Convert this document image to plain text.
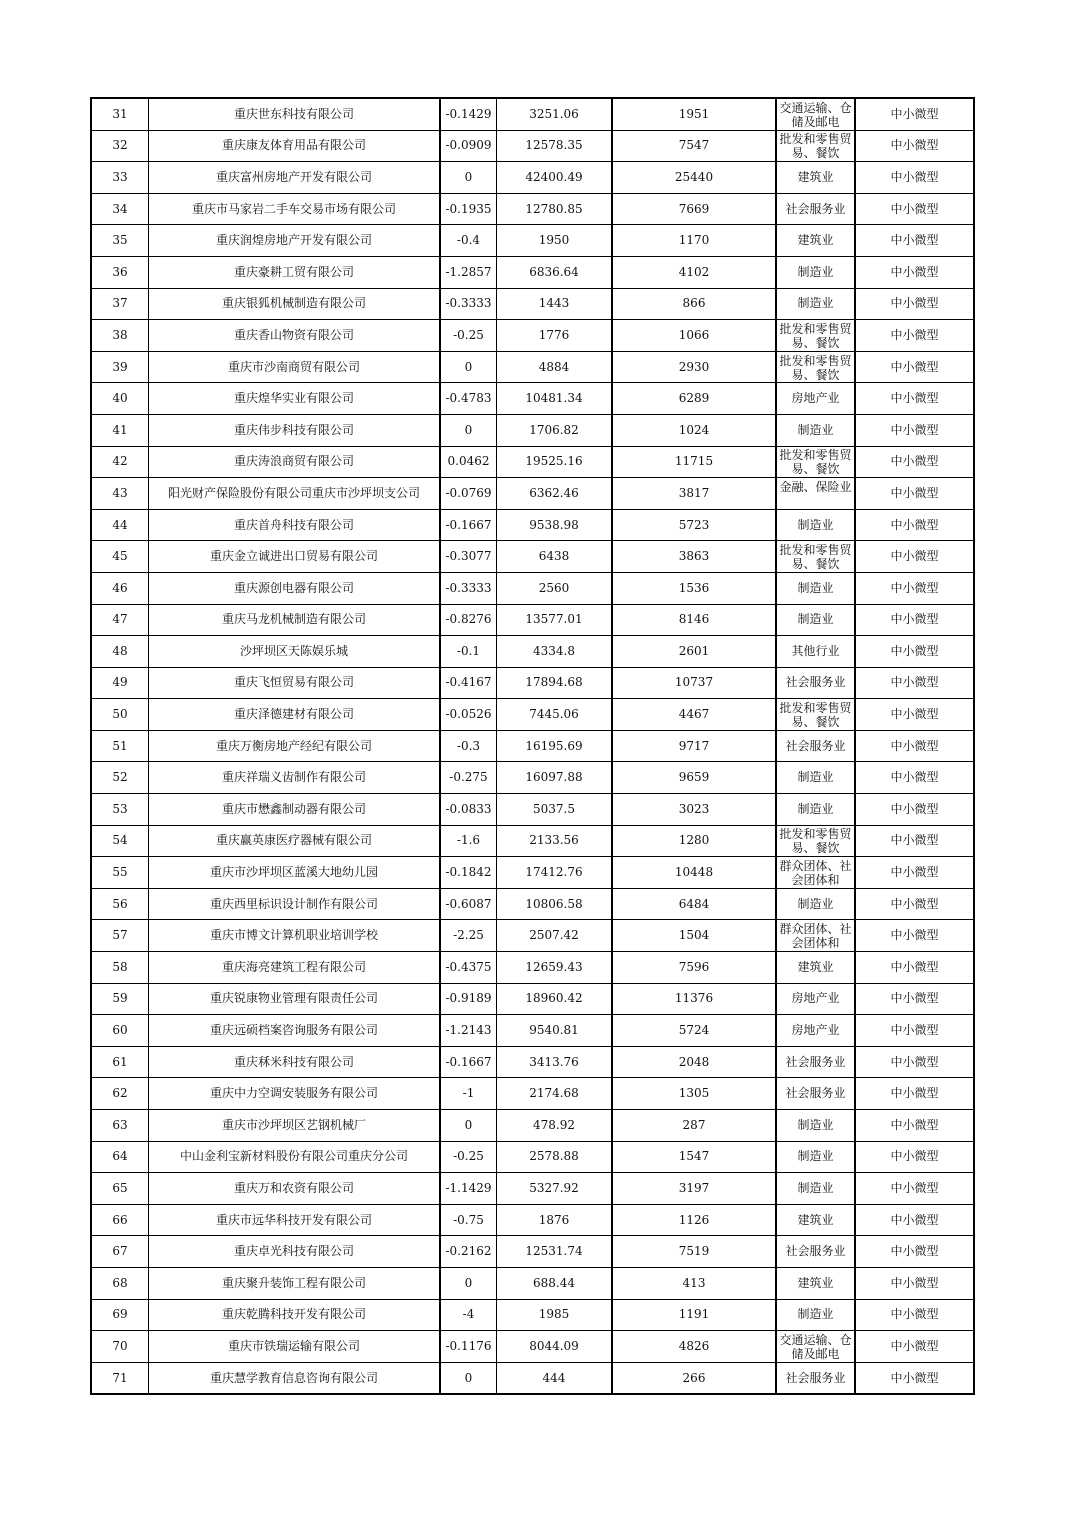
31	重庆世东科技有限公司	-0.1429	3251.06	1951	交通运输、仓储及邮电	中小微型
32	重庆康友体育用品有限公司	-0.0909	12578.35	7547	批发和零售贸易、餐饮	中小微型
33	重庆富州房地产开发有限公司	0	42400.49	25440	建筑业	中小微型
34	重庆市马家岩二手车交易市场有限公司	-0.1935	12780.85	7669	社会服务业	中小微型
35	重庆润煌房地产开发有限公司	-0.4	1950	1170	建筑业	中小微型
36	重庆豪耕工贸有限公司	-1.2857	6836.64	4102	制造业	中小微型
37	重庆银狐机械制造有限公司	-0.3333	1443	866	制造业	中小微型
38	重庆香山物资有限公司	-0.25	1776	1066	批发和零售贸易、餐饮	中小微型
39	重庆市沙南商贸有限公司	0	4884	2930	批发和零售贸易、餐饮	中小微型
40	重庆煌华实业有限公司	-0.4783	10481.34	6289	房地产业	中小微型
41	重庆伟步科技有限公司	0	1706.82	1024	制造业	中小微型
42	重庆涛浪商贸有限公司	0.0462	19525.16	11715	批发和零售贸易、餐饮	中小微型
43	阳光财产保险股份有限公司重庆市沙坪坝支公司	-0.0769	6362.46	3817	金融、保险业	中小微型
44	重庆首舟科技有限公司	-0.1667	9538.98	5723	制造业	中小微型
45	重庆金立诚进出口贸易有限公司	-0.3077	6438	3863	批发和零售贸易、餐饮	中小微型
46	重庆源创电器有限公司	-0.3333	2560	1536	制造业	中小微型
47	重庆马龙机械制造有限公司	-0.8276	13577.01	8146	制造业	中小微型
48	沙坪坝区天陈娱乐城	-0.1	4334.8	2601	其他行业	中小微型
49	重庆飞恒贸易有限公司	-0.4167	17894.68	10737	社会服务业	中小微型
50	重庆泽德建材有限公司	-0.0526	7445.06	4467	批发和零售贸易、餐饮	中小微型
51	重庆万衡房地产经纪有限公司	-0.3	16195.69	9717	社会服务业	中小微型
52	重庆祥瑞义齿制作有限公司	-0.275	16097.88	9659	制造业	中小微型
53	重庆市懋鑫制动器有限公司	-0.0833	5037.5	3023	制造业	中小微型
54	重庆赢英康医疗器械有限公司	-1.6	2133.56	1280	批发和零售贸易、餐饮	中小微型
55	重庆市沙坪坝区蓝溪大地幼儿园	-0.1842	17412.76	10448	群众团体、社会团体和	中小微型
56	重庆西里标识设计制作有限公司	-0.6087	10806.58	6484	制造业	中小微型
57	重庆市博文计算机职业培训学校	-2.25	2507.42	1504	群众团体、社会团体和	中小微型
58	重庆海亮建筑工程有限公司	-0.4375	12659.43	7596	建筑业	中小微型
59	重庆锐康物业管理有限责任公司	-0.9189	18960.42	11376	房地产业	中小微型
60	重庆远硕档案咨询服务有限公司	-1.2143	9540.81	5724	房地产业	中小微型
61	重庆秝米科技有限公司	-0.1667	3413.76	2048	社会服务业	中小微型
62	重庆中力空调安装服务有限公司	-1	2174.68	1305	社会服务业	中小微型
63	重庆市沙坪坝区艺钢机械厂	0	478.92	287	制造业	中小微型
64	中山金利宝新材料股份有限公司重庆分公司	-0.25	2578.88	1547	制造业	中小微型
65	重庆万和农资有限公司	-1.1429	5327.92	3197	制造业	中小微型
66	重庆市远华科技开发有限公司	-0.75	1876	1126	建筑业	中小微型
67	重庆卓光科技有限公司	-0.2162	12531.74	7519	社会服务业	中小微型
68	重庆聚升装饰工程有限公司	0	688.44	413	建筑业	中小微型
69	重庆乾腾科技开发有限公司	-4	1985	1191	制造业	中小微型
70	重庆市铁瑞运输有限公司	-0.1176	8044.09	4826	交通运输、仓储及邮电	中小微型
71	重庆慧学教育信息咨询有限公司	0	444	266	社会服务业	中小微型
